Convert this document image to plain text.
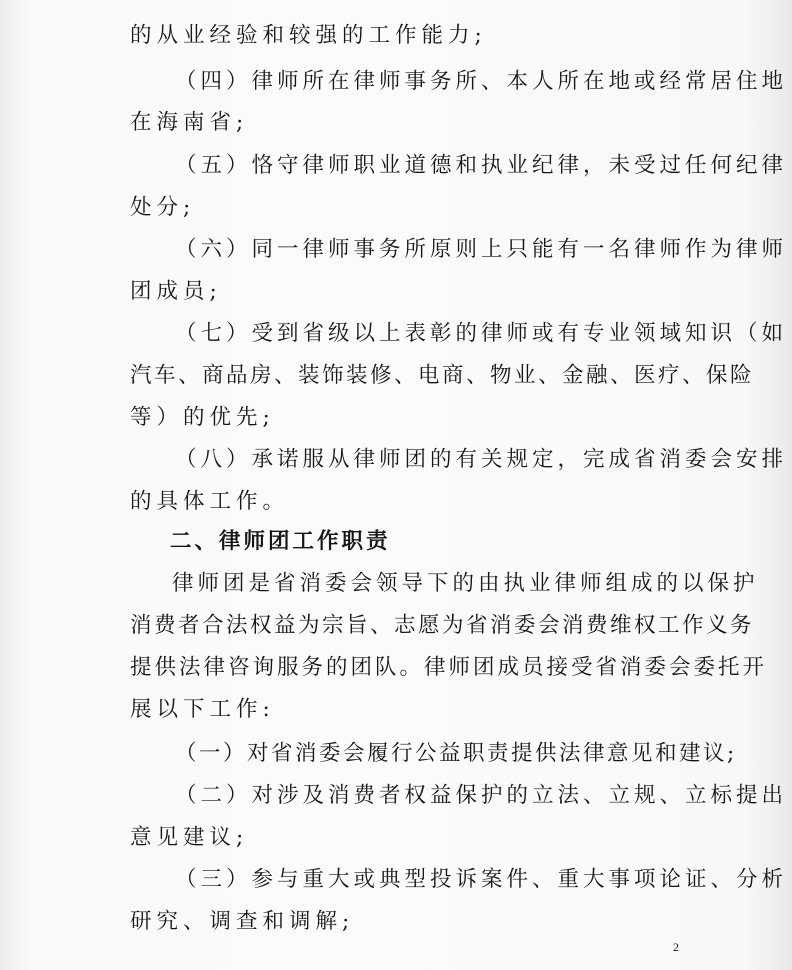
的从业经验和较强的工作能力;
（四）律师所在律师事务所、本人所在地或经常居住地
在海南省;
（五）恪守律师职业道德和执业纪律，未受过任何纪律
处分;
（六）同一律师事务所原则上只能有一名律师作为律师
团成员;
（七）受到省级以上表彰的律师或有专业领域知识（如
汽车、商品房、装饰装修、电商、物业、金融、医疗、保险
等）的优先;
（八）承诺服从律师团的有关规定，完成省消委会安排
的具体工作。
二、律师团工作职责
律师团是省消委会领导下的由执业律师组成的以保护
消费者合法权益为宗旨、志愿为省消委会消费维权工作义务
提供法律咨询服务的团队。律师团成员接受省消委会委托开
展以下工作:
（一）对省消委会履行公益职责提供法律意见和建议;
（二）对涉及消费者权益保护的立法、立规、立标提出
意见建议;
（三）参与重大或典型投诉案件、重大事项论证、分析
研究、调查和调解;
2
